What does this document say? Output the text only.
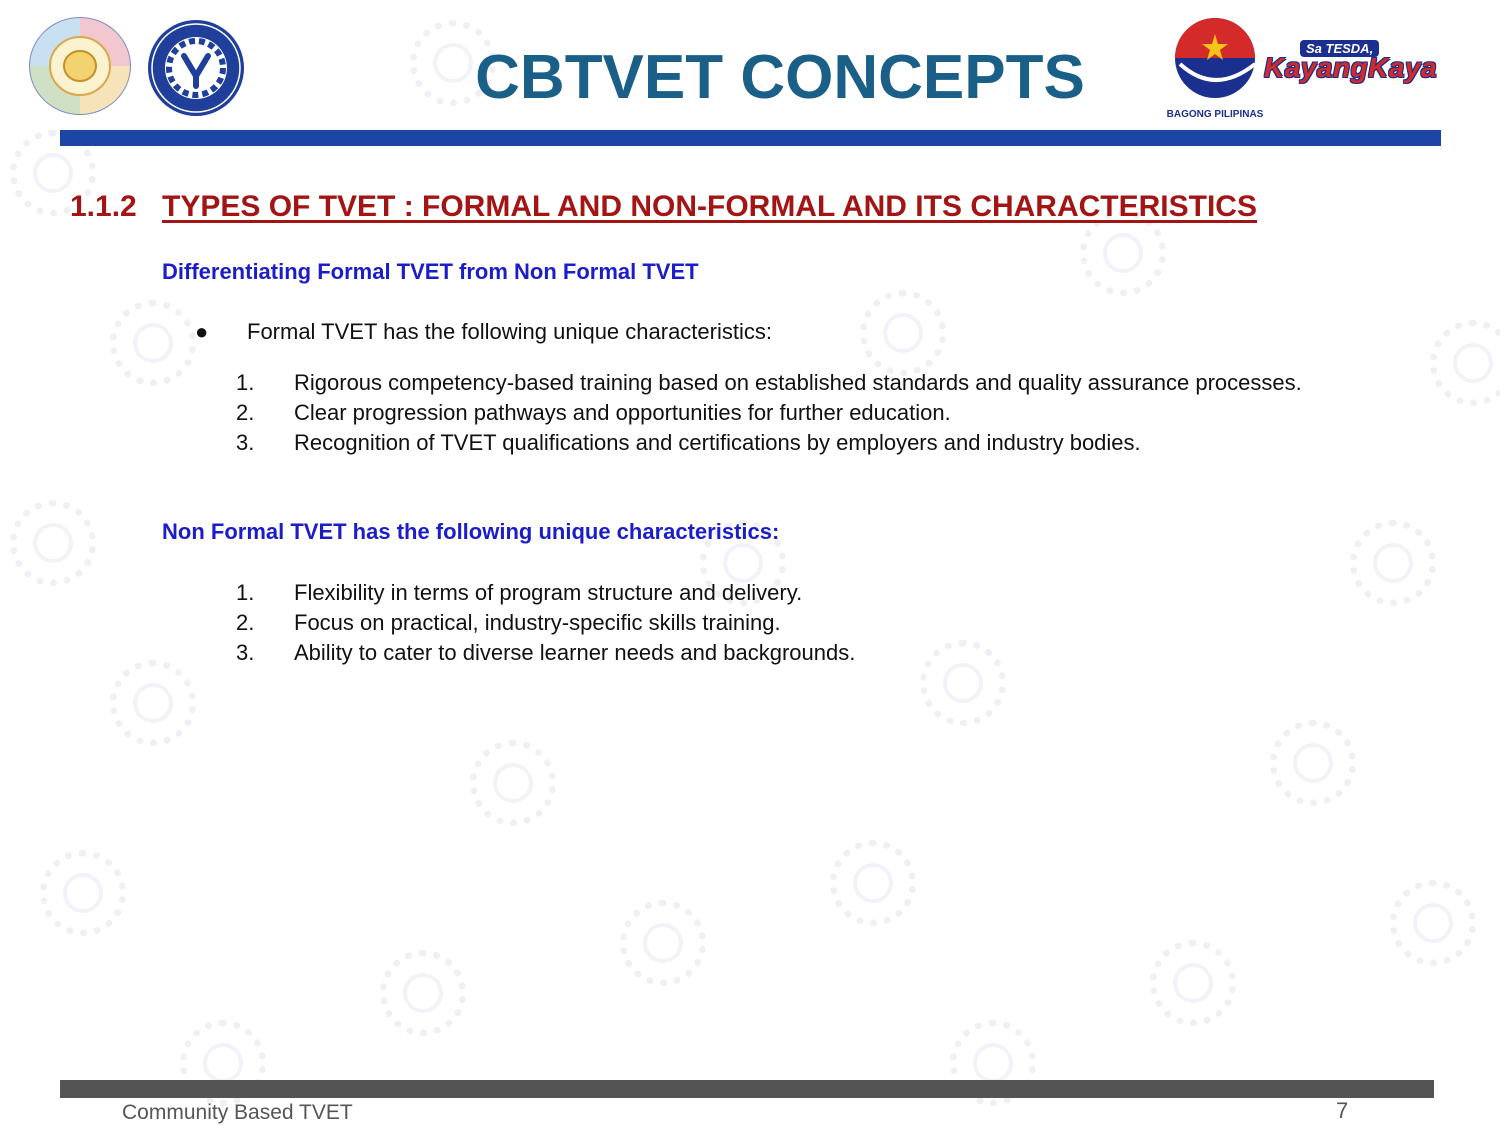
CBTVET CONCEPTS
BAGONG PILIPINAS
Sa TESDA,
KayangKaya
1.1.2 TYPES OF TVET : FORMAL AND NON-FORMAL AND ITS CHARACTERISTICS
Differentiating Formal TVET from Non Formal TVET
● Formal TVET has the following unique characteristics:
1.	Rigorous competency-based training based on established standards and quality assurance processes.
2.	Clear progression pathways and opportunities for further education.
3.	Recognition of TVET qualifications and certifications by employers and industry bodies.
Non Formal TVET has the following unique characteristics:
1.	Flexibility in terms of program structure and delivery.
2.	Focus on practical, industry-specific skills training.
3.	Ability to cater to diverse learner needs and backgrounds.
Community Based TVET	7
